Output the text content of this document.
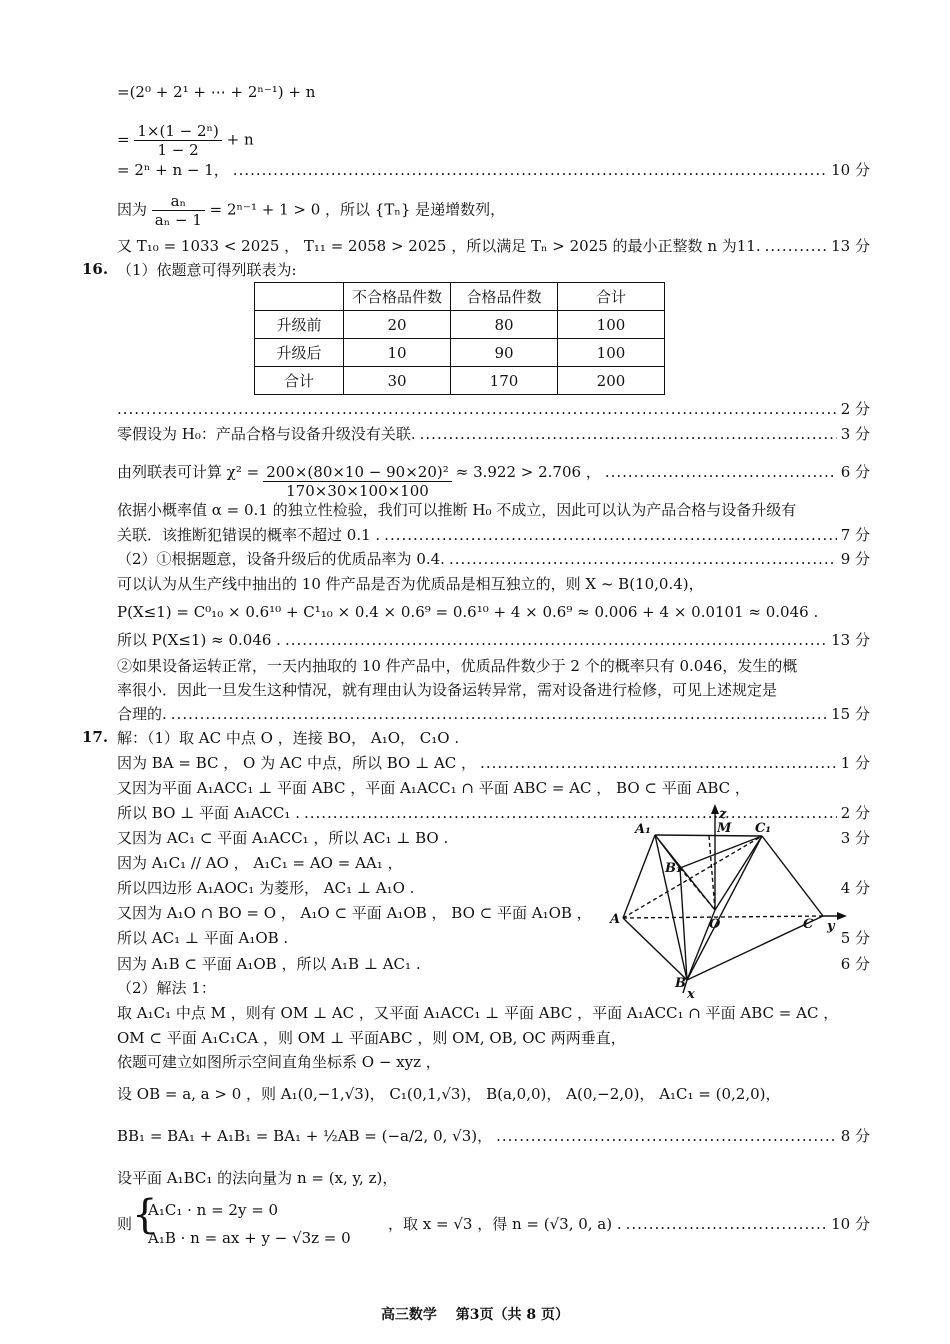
=(2⁰ + 2¹ + ⋯ + 2ⁿ⁻¹) + n
= $\frac{\text{1×(1 − 2ⁿ)}}{1 - 2} + n$
= 2ⁿ + n − 1， .....	10 分
因为 $\frac{\text{aₙ}}{\text{aₙ − 1}} = 2^{n-1} + 1 > 0$ ，所以 {Tₙ} 是递增数列，
又 T₁₀ = 1033 < 2025 ， T₁₁ = 2058 > 2025 ，所以满足 Tₙ > 2025 的最小正整数 n 为11. .....	13 分
16. （1）依题意可得列联表为:
	不合格品件数	合格品件数	合计
升级前	20	80	100
升级后	10	90	100
合计	30	170	200
.....
2 分
零假设为 H₀：产品合格与设备升级没有关联. .....	3 分
由列联表可计算 $\chi^2 = \frac{\text{200×(80×10 − 90×20)²}}{170\times 30\times 100\times 100} \approx 3.922 > 2.706$ ， .....	6 分
依据小概率值 α = 0.1 的独立性检验，我们可以推断 H₀ 不成立，因此可以认为产品合格与设备升级有
关联．该推断犯错误的概率不超过 0.1 . .....	7 分
（2）①根据题意，设备升级后的优质品率为 0.4. .....	9 分
可以认为从生产线中抽出的 10 件产品是否为优质品是相互独立的，则 X ~ B(10,0.4)，
P(X≤1) = C⁰₁₀ × 0.6¹⁰ + C¹₁₀ × 0.4 × 0.6⁹ = 0.6¹⁰ + 4 × 0.6⁹ ≈ 0.006 + 4 × 0.0101 ≈ 0.046 .
所以 P(X≤1) ≈ 0.046 . .....	13 分
②如果设备运转正常，一天内抽取的 10 件产品中，优质品件数少于 2 个的概率只有 0.046，发生的概
率很小．因此一旦发生这种情况，就有理由认为设备运转异常，需对设备进行检修，可见上述规定是
合理的. .....	15 分
17. 解：（1）取 AC 中点 O ，连接 BO， A₁O， C₁O .
因为 BA = BC ， O 为 AC 中点，所以 BO ⊥ AC ， .....	1 分
又因为平面 A₁ACC₁ ⊥ 平面 ABC ，平面 A₁ACC₁ ∩ 平面 ABC = AC ， BO ⊂ 平面 ABC ，
所以 BO ⊥ 平面 A₁ACC₁ . .....	2 分
又因为 AC₁ ⊂ 平面 A₁ACC₁ ，所以 AC₁ ⊥ BO .	3 分
因为 A₁C₁ // AO ， A₁C₁ = AO = AA₁ ，
所以四边形 A₁AOC₁ 为菱形， AC₁ ⊥ A₁O .	4 分
又因为 A₁O ∩ BO = O ， A₁O ⊂ 平面 A₁OB ， BO ⊂ 平面 A₁OB ，
所以 AC₁ ⊥ 平面 A₁OB .	5 分
因为 A₁B ⊂ 平面 A₁OB ，所以 A₁B ⊥ AC₁ .	6 分
A₁	M C₁
B₁
A	O	C
B
x
y
z
（2）解法 1：
取 A₁C₁ 中点 M ，则有 OM ⊥ AC ，又平面 A₁ACC₁ ⊥ 平面 ABC ，平面 A₁ACC₁ ∩ 平面 ABC = AC ，
OM ⊂ 平面 A₁C₁CA ，则 OM ⊥ 平面ABC ，则 OM, OB, OC 两两垂直，
依题可建立如图所示空间直角坐标系 O − xyz ，
设 OB = a, a > 0 ，则 A₁(0,−1,√3)， C₁(0,1,√3)， B(a,0,0)， A(0,−2,0)， A₁C₁ = (0,2,0)，
BB₁ = BA₁ + A₁B₁ = BA₁ + ½AB = (−a/2, 0, √3)， .....	8 分
设平面 A₁BC₁ 的法向量为 n = (x, y, z)，
则 {
A₁C₁ · n = 2y = 0
A₁B · n = ax + y − √3z = 0
，取 x = √3 ，得 n = (√3, 0, a) . .....	10 分
高三数学　 第3页（共 8 页）
